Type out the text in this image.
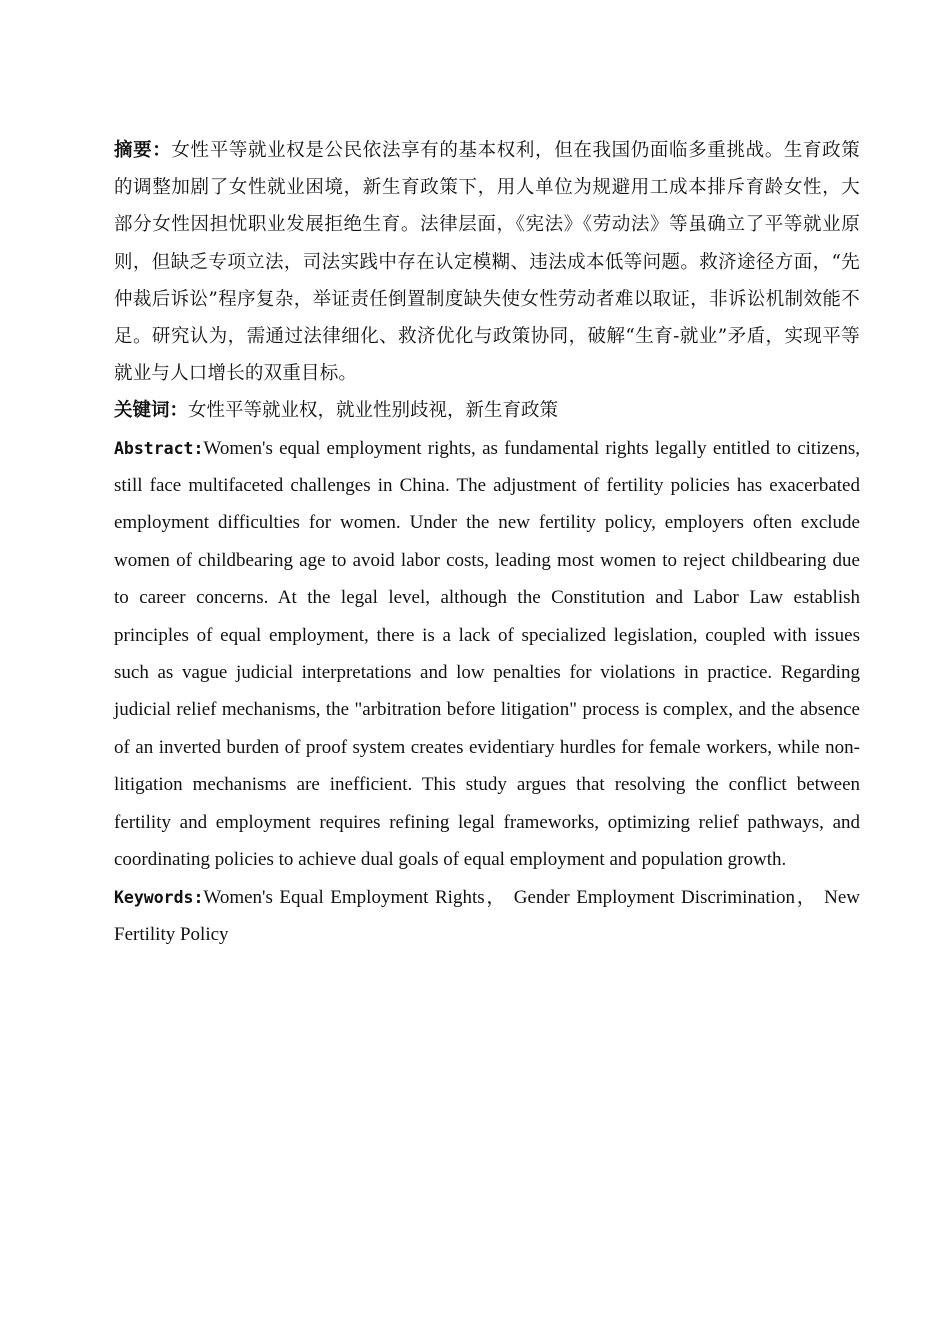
摘要：女性平等就业权是公民依法享有的基本权利，但在我国仍面临多重挑战。生育政策的调整加剧了女性就业困境，新生育政策下，用人单位为规避用工成本排斥育龄女性，大部分女性因担忧职业发展拒绝生育。法律层面，《宪法》《劳动法》等虽确立了平等就业原则，但缺乏专项立法，司法实践中存在认定模糊、违法成本低等问题。救济途径方面，“先仲裁后诉讼”程序复杂，举证责任倒置制度缺失使女性劳动者难以取证，非诉讼机制效能不足。研究认为，需通过法律细化、救济优化与政策协同，破解“生育-就业”矛盾，实现平等就业与人口增长的双重目标。

关键词：女性平等就业权，就业性别歧视，新生育政策

Abstract:Women's equal employment rights, as fundamental rights legally entitled to citizens, still face multifaceted challenges in China. The adjustment of fertility policies has exacerbated employment difficulties for women. Under the new fertility policy, employers often exclude women of childbearing age to avoid labor costs, leading most women to reject childbearing due to career concerns. At the legal level, although the Constitution and Labor Law establish principles of equal employment, there is a lack of specialized legislation, coupled with issues such as vague judicial interpretations and low penalties for violations in practice. Regarding judicial relief mechanisms, the "arbitration before litigation" process is complex, and the absence of an inverted burden of proof system creates evidentiary hurdles for female workers, while non-litigation mechanisms are inefficient. This study argues that resolving the conflict between fertility and employment requires refining legal frameworks, optimizing relief pathways, and coordinating policies to achieve dual goals of equal employment and population growth.

Keywords:Women's Equal Employment Rights， Gender Employment Discrimination， New Fertility Policy
